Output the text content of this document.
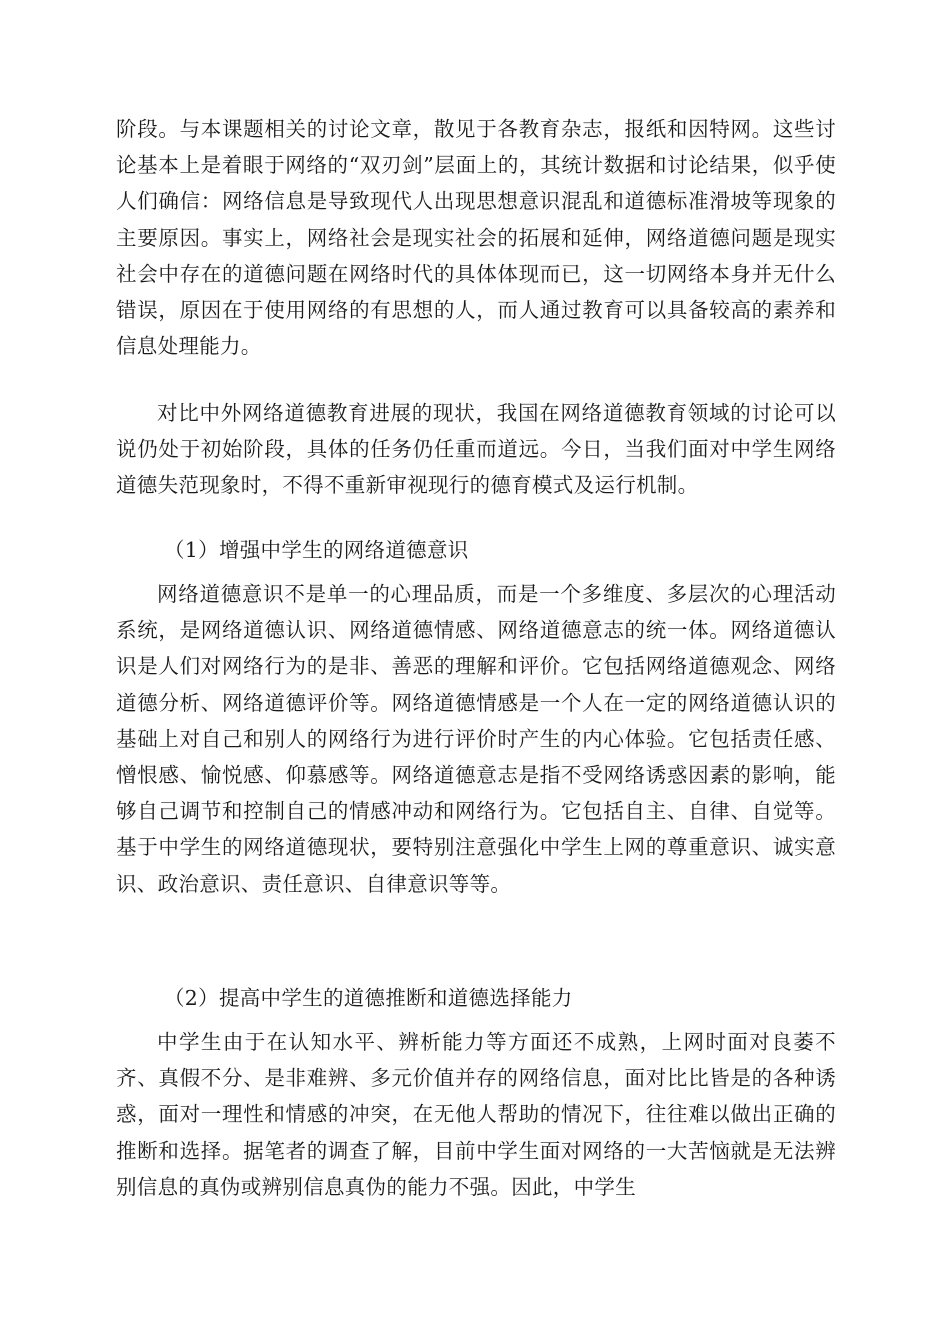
阶段。与本课题相关的讨论文章，散见于各教育杂志，报纸和因特网。这些讨论基本上是着眼于网络的“双刃剑”层面上的，其统计数据和讨论结果，似乎使人们确信：网络信息是导致现代人出现思想意识混乱和道德标准滑坡等现象的主要原因。事实上，网络社会是现实社会的拓展和延伸，网络道德问题是现实社会中存在的道德问题在网络时代的具体体现而已，这一切网络本身并无什么错误，原因在于使用网络的有思想的人，而人通过教育可以具备较高的素养和信息处理能力。

对比中外网络道德教育进展的现状，我国在网络道德教育领域的讨论可以说仍处于初始阶段，具体的任务仍任重而道远。今日，当我们面对中学生网络道德失范现象时，不得不重新审视现行的德育模式及运行机制。

（1）增强中学生的网络道德意识

网络道德意识不是单一的心理品质，而是一个多维度、多层次的心理活动系统，是网络道德认识、网络道德情感、网络道德意志的统一体。网络道德认识是人们对网络行为的是非、善恶的理解和评价。它包括网络道德观念、网络道德分析、网络道德评价等。网络道德情感是一个人在一定的网络道德认识的基础上对自己和别人的网络行为进行评价时产生的内心体验。它包括责任感、憎恨感、愉悦感、仰慕感等。网络道德意志是指不受网络诱惑因素的影响，能够自己调节和控制自己的情感冲动和网络行为。它包括自主、自律、自觉等。基于中学生的网络道德现状，要特别注意强化中学生上网的尊重意识、诚实意识、政治意识、责任意识、自律意识等等。

（2）提高中学生的道德推断和道德选择能力

中学生由于在认知水平、辨析能力等方面还不成熟，上网时面对良萎不齐、真假不分、是非难辨、多元价值并存的网络信息，面对比比皆是的各种诱惑，面对一理性和情感的冲突，在无他人帮助的情况下，往往难以做出正确的推断和选择。据笔者的调查了解，目前中学生面对网络的一大苦恼就是无法辨别信息的真伪或辨别信息真伪的能力不强。因此，中学生
